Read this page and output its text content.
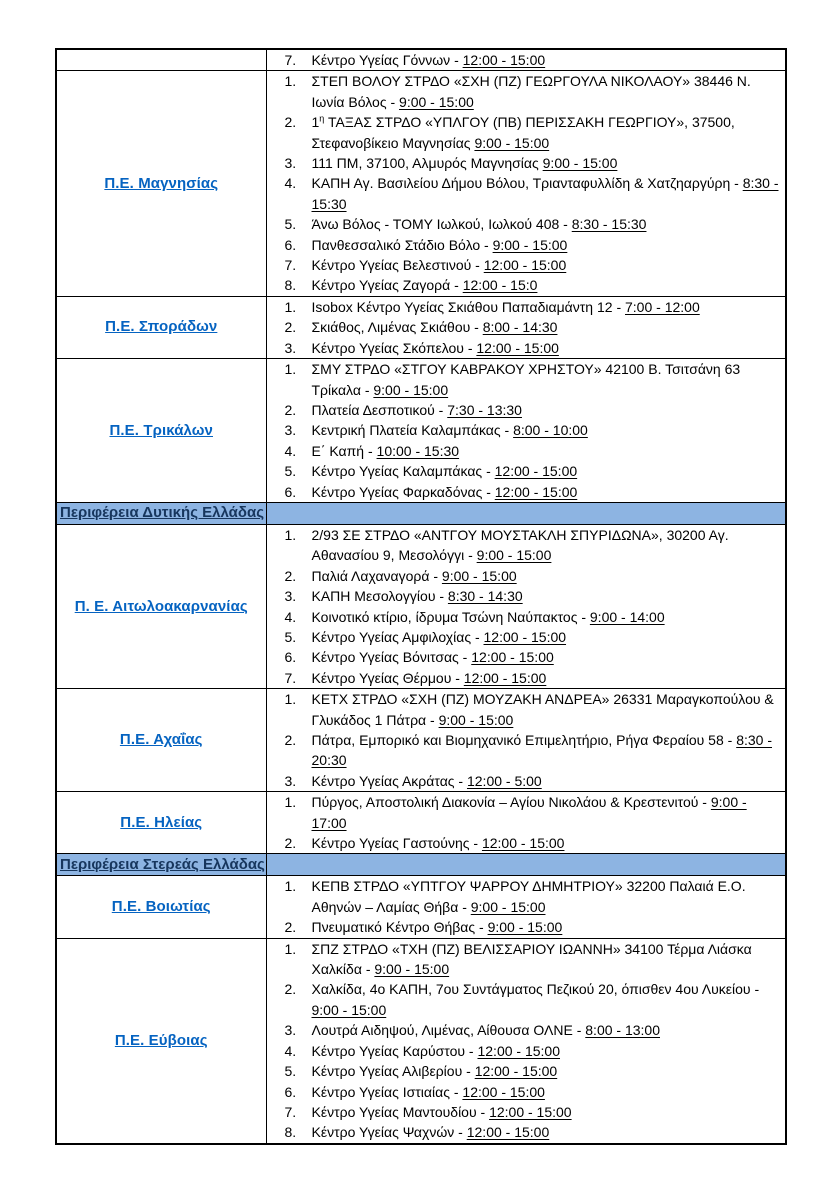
	7. Κέντρο Υγείας Γόννων - 12:00 - 15:00

Π.Ε. Μαγνησίας	
1. ΣΤΕΠ ΒΟΛΟΥ ΣΤΡΔΟ «ΣΧΗ (ΠΖ) ΓΕΩΡΓΟΥΛΑ ΝΙΚΟΛΑΟΥ» 38446 Ν. Ιωνία Βόλος - 9:00 - 15:00
2. $1^\eta$ ΤΑΞΑΣ ΣΤΡΔΟ «ΥΠΛΓΟΥ (ΠΒ) ΠΕΡΙΣΣΑΚΗ ΓΕΩΡΓΙΟΥ», 37500, Στεφανοβίκειο Μαγνησίας 9:00 - 15:00
3. 111 ΠΜ, 37100, Αλμυρός Μαγνησίας 9:00 - 15:00
4. ΚΑΠΗ Αγ. Βασιλείου Δήμου Βόλου, Τριανταφυλλίδη & Χατζηαργύρη - 8:30 - 15:30
5. Άνω Βόλος - ΤΟΜΥ Ιωλκού, Ιωλκού 408 - 8:30 - 15:30
6. Πανθεσσαλικό Στάδιο Βόλο - 9:00 - 15:00
7. Κέντρο Υγείας Βελεστινού - 12:00 - 15:00
8. Κέντρο Υγείας Ζαγορά - 12:00 - 15:0

Π.Ε. Σποράδων	
1. Isobox Κέντρο Υγείας Σκιάθου Παπαδιαμάντη 12 - 7:00 - 12:00
2. Σκιάθος, Λιμένας Σκιάθου - 8:00 - 14:30
3. Κέντρο Υγείας Σκόπελου - 12:00 - 15:00

Π.Ε. Τρικάλων	
1. ΣΜΥ ΣΤΡΔΟ «ΣΤΓΟΥ ΚΑΒΡΑΚΟΥ ΧΡΗΣΤΟΥ» 42100 Β. Τσιτσάνη 63 Τρίκαλα - 9:00 - 15:00
2. Πλατεία Δεσποτικού - 7:30 - 13:30
3. Κεντρική Πλατεία Καλαμπάκας - 8:00 - 10:00
4. Ε΄ Καπή - 10:00 - 15:30
5. Κέντρο Υγείας Καλαμπάκας - 12:00 - 15:00
6. Κέντρο Υγείας Φαρκαδόνας - 12:00 - 15:00

Περιφέρεια Δυτικής Ελλάδας	
Π. Ε. Αιτωλοακαρνανίας	
1. 2/93 ΣΕ ΣΤΡΔΟ «ΑΝΤΓΟΥ ΜΟΥΣΤΑΚΛΗ ΣΠΥΡΙΔΩΝΑ», 30200 Αγ. Αθανασίου 9, Μεσολόγγι - 9:00 - 15:00
2. Παλιά Λαχαναγορά - 9:00 - 15:00
3. ΚΑΠΗ Μεσολογγίου - 8:30 - 14:30
4. Κοινοτικό κτίριο, ίδρυμα Τσώνη Ναύπακτος - 9:00 - 14:00
5. Κέντρο Υγείας Αμφιλοχίας - 12:00 - 15:00
6. Κέντρο Υγείας Βόνιτσας - 12:00 - 15:00
7. Κέντρο Υγείας Θέρμου - 12:00 - 15:00

Π.Ε. Αχαΐας	
1. ΚΕΤΧ ΣΤΡΔΟ «ΣΧΗ (ΠΖ) ΜΟΥΖΑΚΗ ΑΝΔΡΕΑ» 26331 Μαραγκοπούλου & Γλυκάδος 1 Πάτρα - 9:00 - 15:00
2. Πάτρα, Εμπορικό και Βιομηχανικό Επιμελητήριο, Ρήγα Φεραίου 58 - 8:30 - 20:30
3. Κέντρο Υγείας Ακράτας - 12:00 - 5:00

Π.Ε. Ηλείας	1. Πύργος, Αποστολική Διακονία – Αγίου Νικολάου & Κρεστενιτού - 9:00 - 17:00
2. Κέντρο Υγείας Γαστούνης - 12:00 - 15:00

Περιφέρεια Στερεάς Ελλάδας	
Π.Ε. Βοιωτίας	1. ΚΕΠΒ ΣΤΡΔΟ «ΥΠΤΓΟΥ ΨΑΡΡΟΥ ΔΗΜΗΤΡΙΟΥ» 32200 Παλαιά Ε.Ο. Αθηνών – Λαμίας Θήβα - 9:00 - 15:00
2. Πνευματικό Κέντρο Θήβας - 9:00 - 15:00

Π.Ε. Εύβοιας	
1. ΣΠΖ ΣΤΡΔΟ «ΤΧΗ (ΠΖ) ΒΕΛΙΣΣΑΡΙΟΥ ΙΩΑΝΝΗ» 34100 Τέρμα Λιάσκα Χαλκίδα - 9:00 - 15:00
2. Χαλκίδα, 4ο ΚΑΠΗ, 7ου Συντάγματος Πεζικού 20, όπισθεν 4ου Λυκείου - 9:00 - 15:00
3. Λουτρά Αιδηψού, Λιμένας, Αίθουσα ΟΛΝΕ - 8:00 - 13:00
4. Κέντρο Υγείας Καρύστου - 12:00 - 15:00
5. Κέντρο Υγείας Αλιβερίου - 12:00 - 15:00
6. Κέντρο Υγείας Ιστιαίας - 12:00 - 15:00
7. Κέντρο Υγείας Μαντουδίου - 12:00 - 15:00
8. Κέντρο Υγείας Ψαχνών - 12:00 - 15:00
